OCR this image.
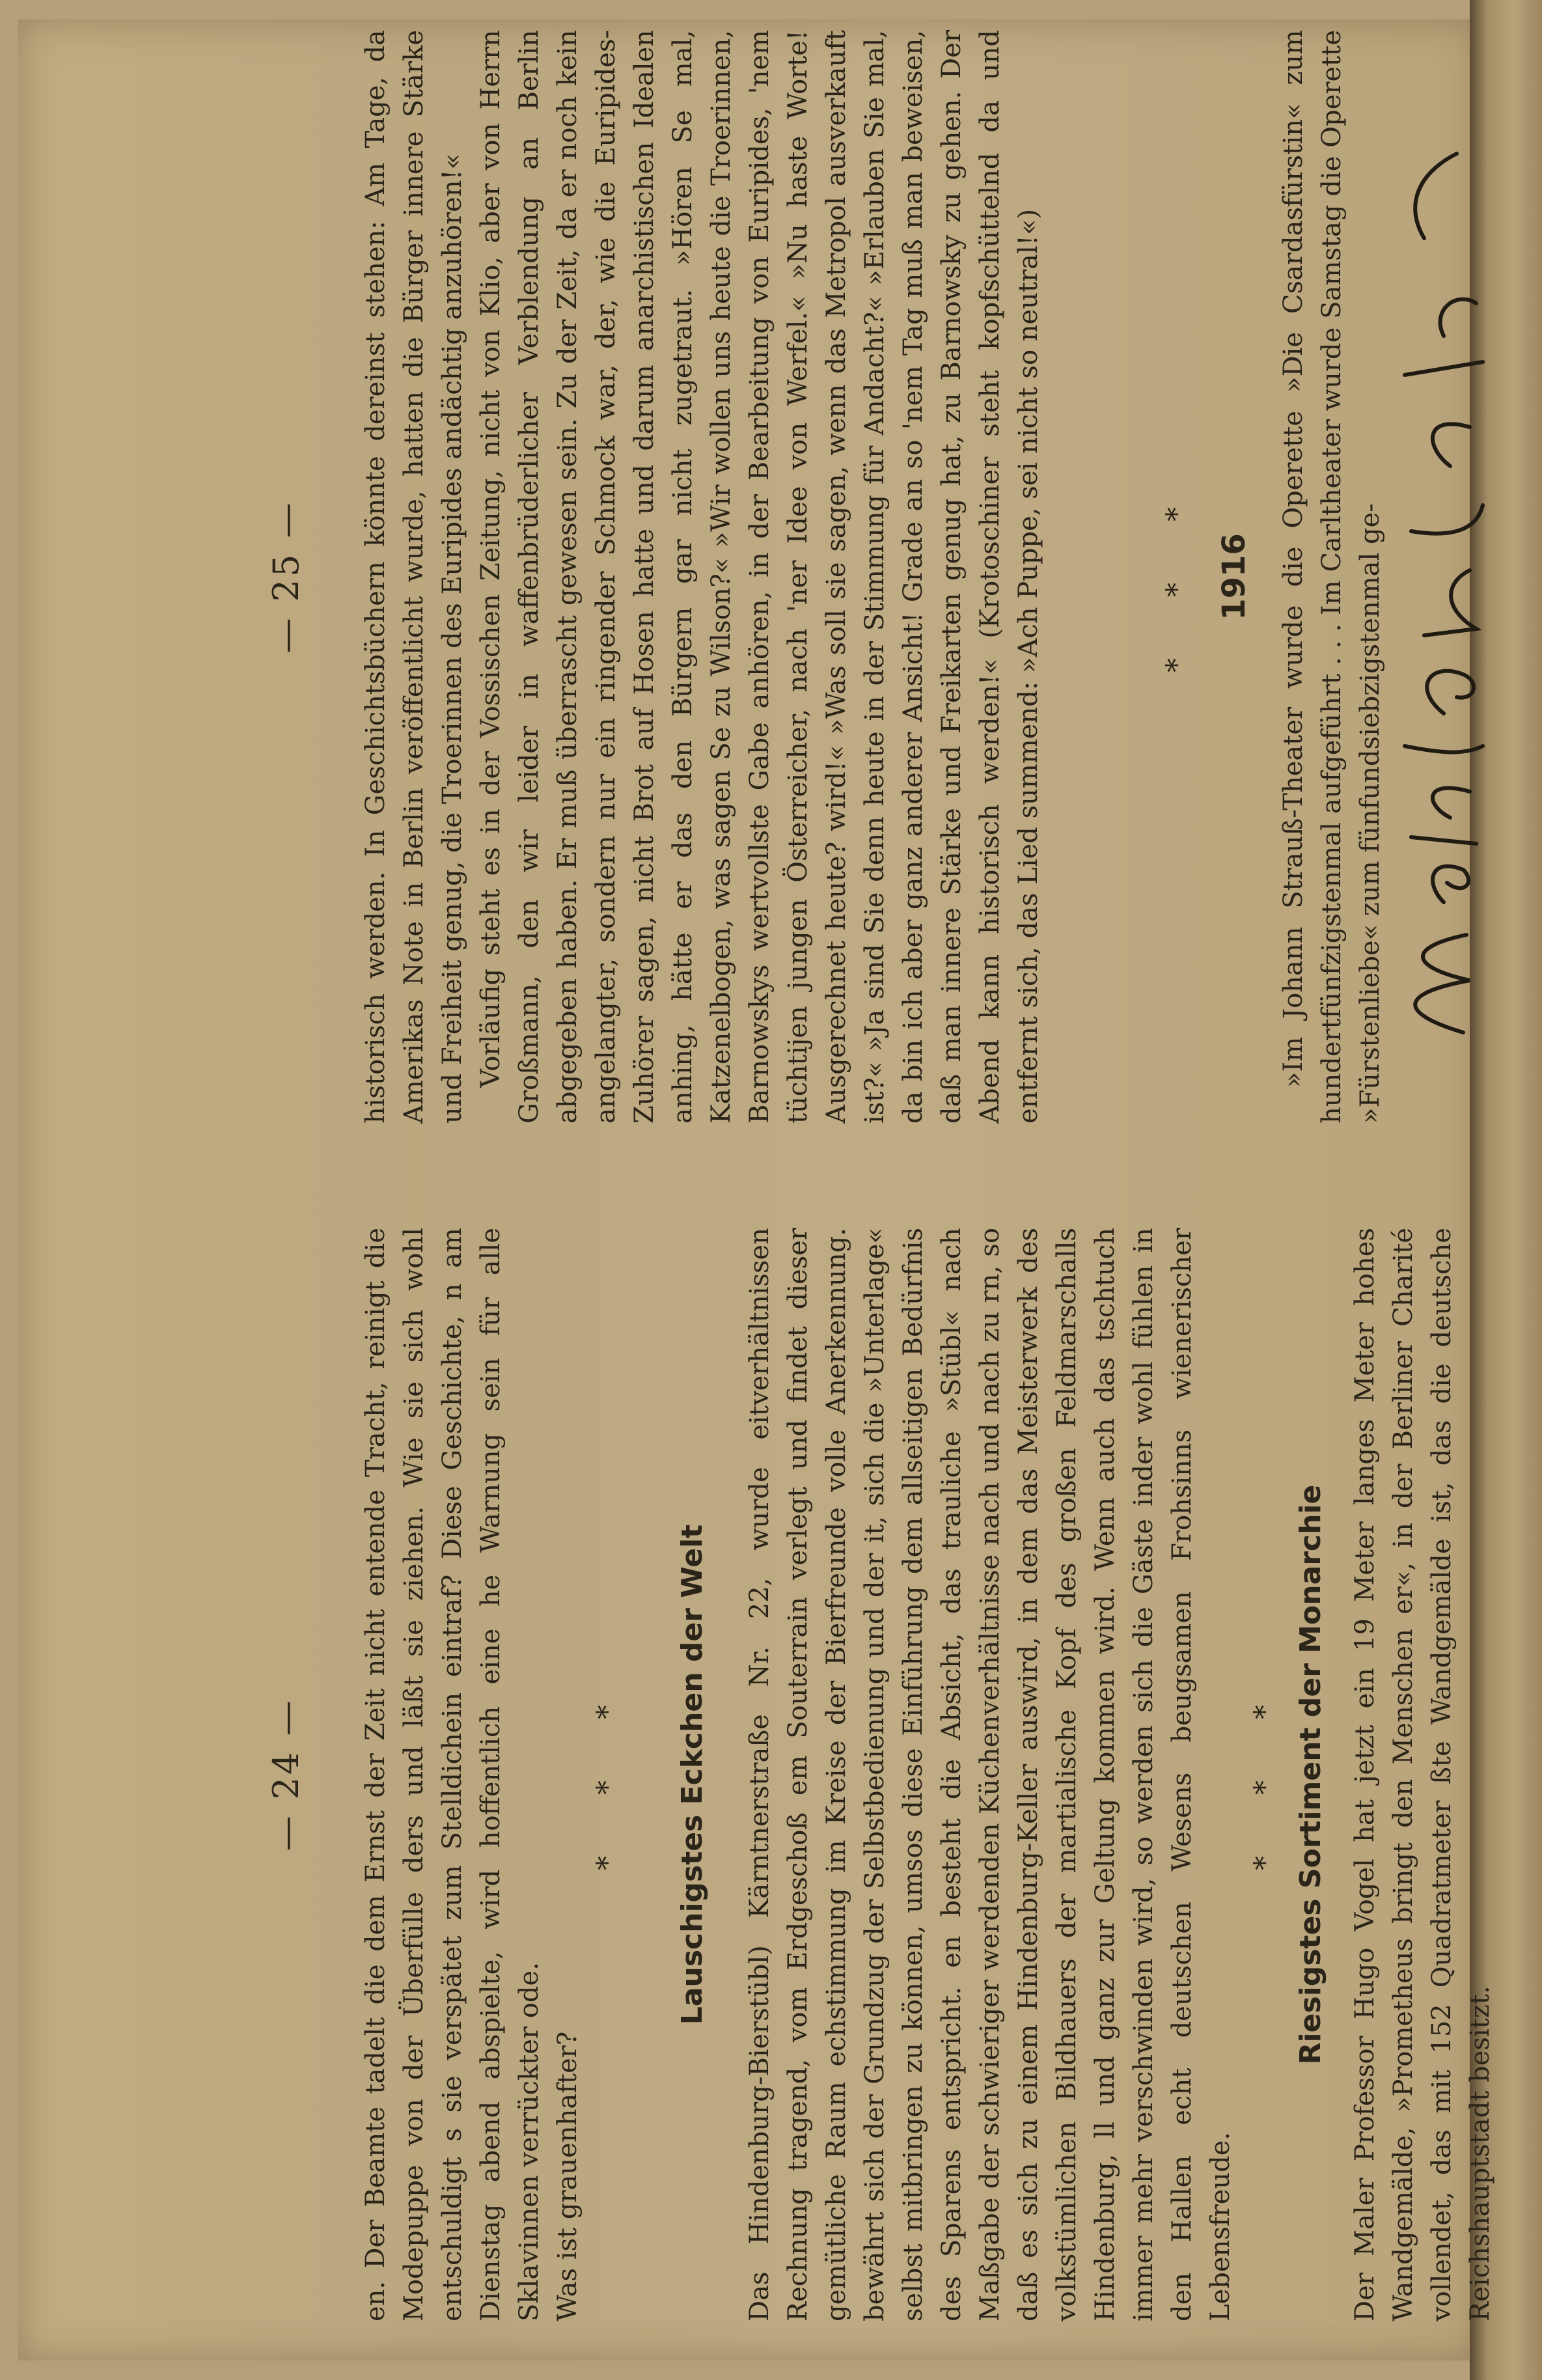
— 24 — en. Der Beamte tadelt die dem Ernst der Zeit nicht entende Tracht, reinigt die Modepuppe von der Überfülle ders und läßt sie ziehen. Wie sie sich wohl entschuldigt s sie verspätet zum Stelldichein eintraf? Diese Geschichte, n am Dienstag abend abspielte, wird hoffentlich eine he Warnung sein für alle Sklavinnen verrückter ode. Was ist grauenhafter?

* * * Lauschigstes Eckchen der Welt Das Hindenburg-Bierstübl) Kärntnerstraße Nr. 22, wurde eitverhältnissen Rechnung tragend, vom Erdgeschoß em Souterrain verlegt und findet dieser gemütliche Raum echstimmung im Kreise der Bierfreunde volle Anerkennung. bewährt sich der Grundzug der Selbstbedienung und der it, sich die »Unterlage« selbst mitbringen zu können, umsos diese Einführung dem allseitigen Bedürfnis des Sparens entspricht. en besteht die Absicht, das trauliche »Stübl« nach Maßgabe der schwieriger werdenden Küchenverhältnisse nach und nach zu rn, so daß es sich zu einem Hindenburg-Keller auswird, in dem das Meisterwerk des volkstümlichen Bildhauers der martialische Kopf des großen Feldmarschalls Hindenburg, ll und ganz zur Geltung kommen wird. Wenn auch das tschtuch immer mehr verschwinden wird, so werden sich die Gäste inder wohl fühlen in den Hallen echt deutschen Wesens beugsamen Frohsinns wienerischer Lebensfreude.

* * * Riesigstes Sortiment der Monarchie Der Maler Professor Hugo Vogel hat jetzt ein 19 Meter langes Meter hohes Wandgemälde, »Prometheus bringt den Menschen er«, in der Berliner Charité vollendet, das mit 152 Quadratmeter ßte Wandgemälde ist, das die deutsche Reichshauptstadt besitzt.

— 25 — historisch werden. In Geschichtsbüchern könnte dereinst stehen: Am Tage, da Amerikas Note in Berlin veröffentlicht wurde, hatten die Bürger innere Stärke und Freiheit genug, die Troerinnen des Euripides andächtig anzuhören!« Vorläufig steht es in der Vossischen Zeitung, nicht von Klio, aber von Herrn Großmann, den wir leider in waffenbrüderlicher Verblendung an Berlin abgegeben haben. Er muß überrascht gewesen sein. Zu der Zeit, da er noch kein angelangter, sondern nur ein ringender Schmock war, der, wie die Euripides-Zuhörer sagen, nicht Brot auf Hosen hatte und darum anarchistischen Idealen anhing, hätte er das den Bürgern gar nicht zugetraut. »Hören Se mal, Katzenelbogen, was sagen Se zu Wilson?« »Wir wollen uns heute die Troerinnen, Barnowskys wertvollste Gabe anhören, in der Bearbeitung von Euripides, 'nem tüchtijen jungen Österreicher, nach 'ner Idee von Werfel.« »Nu haste Worte! Ausgerechnet heute? wird!« »Was soll sie sagen, wenn das Metropol ausverkauft ist?« »Ja sind Sie denn heute in der Stimmung für Andacht?« »Erlauben Sie mal, da bin ich aber ganz anderer Ansicht! Grade an so 'nem Tag muß man beweisen, daß man innere Stärke und Freikarten genug hat, zu Barnowsky zu gehen. Der Abend kann historisch werden!« (Krotoschiner steht kopfschüttelnd da und entfernt sich, das Lied summend: »Ach Puppe, sei nicht so neutral!«)	* * * 1916 »Im Johann Strauß-Theater wurde die Operette »Die Csardasfürstin« zum hundertfünfzigstenmal aufgeführt . . . Im Carltheater wurde Samstag die Operette »Fürstenliebe« zum fünfundsiebzigstenmal ge- Mrs. h. Kraus
